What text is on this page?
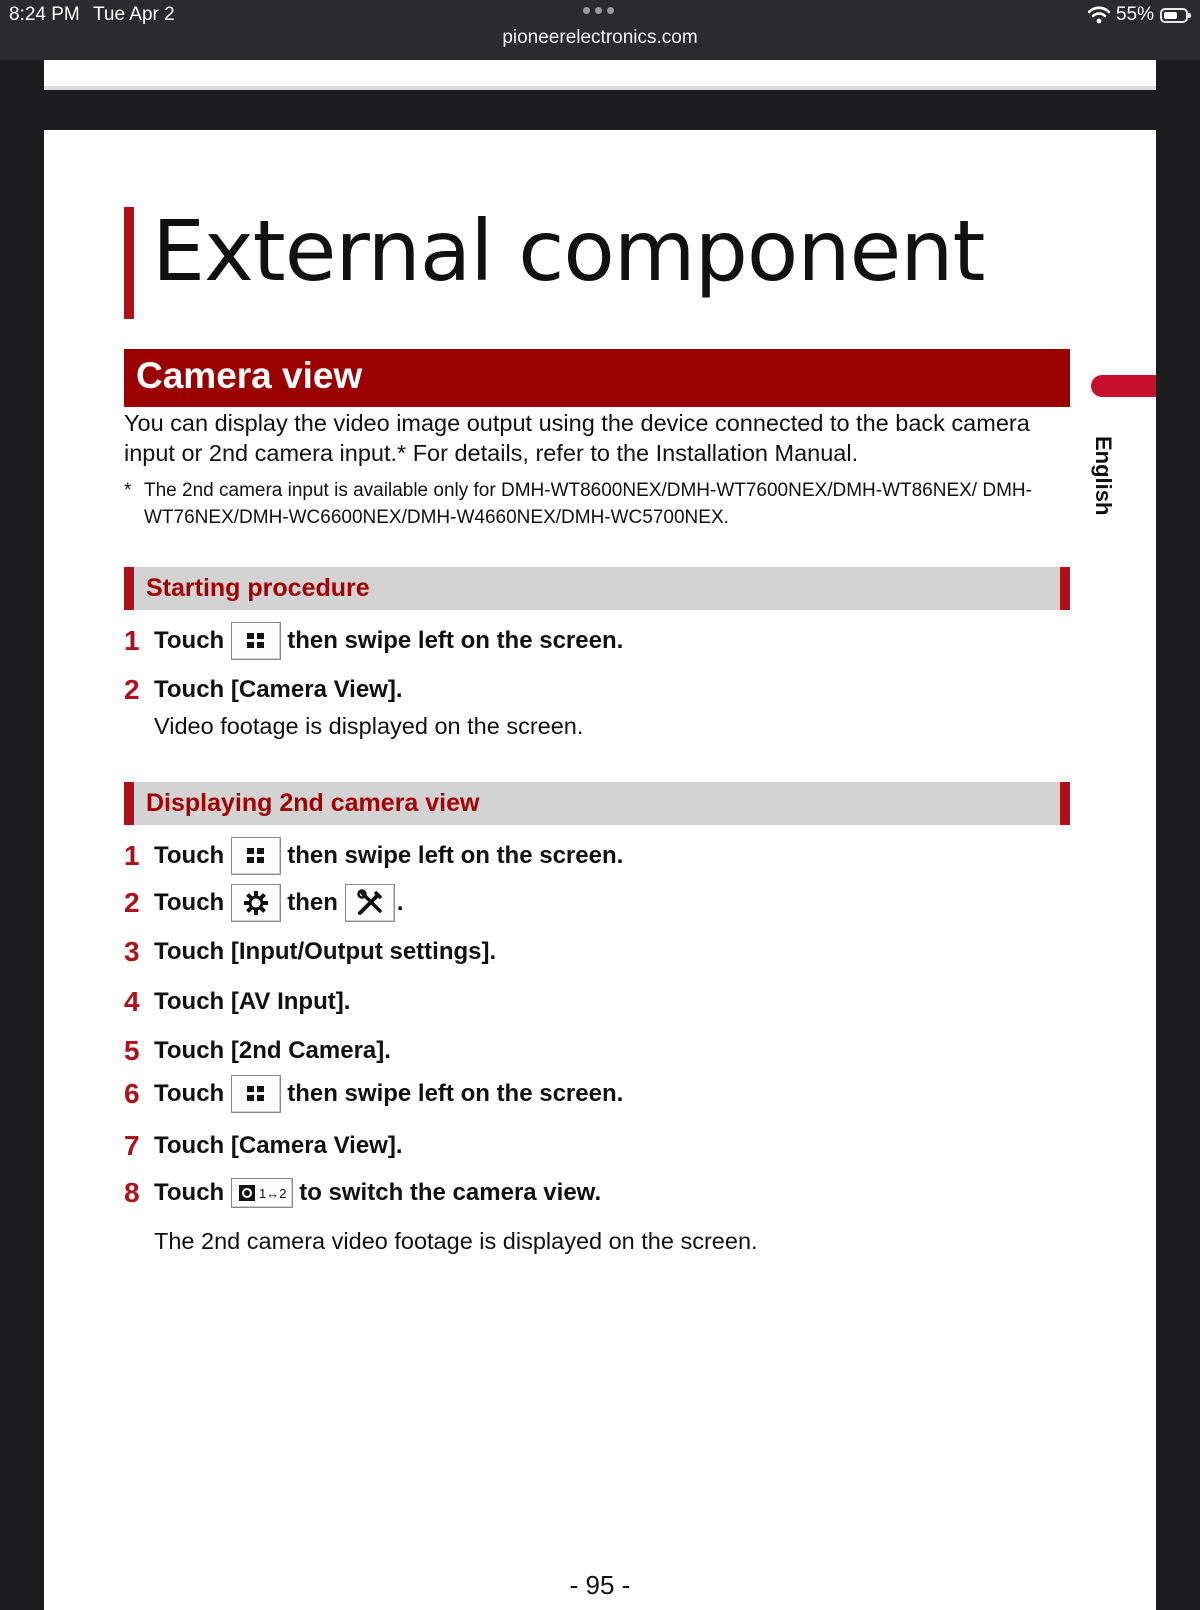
8:24 PM Tue Apr 2
pioneerelectronics.com
55%
External component
Camera view
English
You can display the video image output using the device connected to the back camera input or 2nd camera input.* For details, refer to the Installation Manual.
* The 2nd camera input is available only for DMH-WT8600NEX/DMH-WT7600NEX/DMH-WT86NEX/ DMH-WT76NEX/DMH-WC6600NEX/DMH-W4660NEX/DMH-WC5700NEX.
Starting procedure
1 Touch	then swipe left on the screen.
2 Touch [Camera View].
Video footage is displayed on the screen.
Displaying 2nd camera view
1 Touch	then swipe left on the screen.
2 Touch	then .
3 Touch [Input/Output settings].
4 Touch [AV Input].
5 Touch [2nd Camera].
6 Touch	then swipe left on the screen.
7 Touch [Camera View].
8 Touch	1↔2 to switch the camera view.
The 2nd camera video footage is displayed on the screen.
- 95 -
